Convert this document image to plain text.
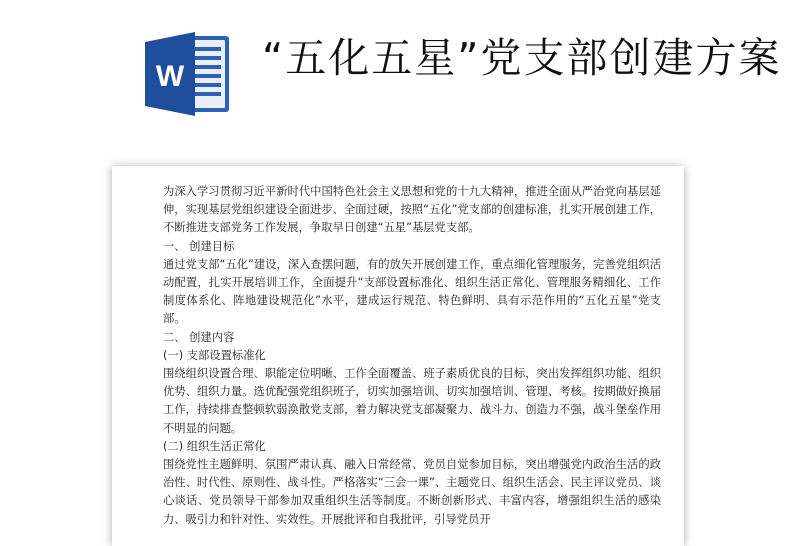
W “五化五星”党支部创建方案

为深入学习贯彻习近平新时代中国特色社会主义思想和党的十九大精神，推进全面从严治党向基层延伸，实现基层党组织建设全面进步、全面过硬，按照“五化”党支部的创建标准，扎实开展创建工作，不断推进支部党务工作发展，争取早日创建“五星”基层党支部。

一、 创建目标

通过党支部“五化”建设，深入查摆问题，有的放矢开展创建工作，重点细化管理服务，完善党组织活动配置，扎实开展培训工作，全面提升“支部设置标准化、组织生活正常化、管理服务精细化、工作制度体系化、阵地建设规范化”水平，建成运行规范、特色鲜明、具有示范作用的“五化五星”党支部。

二、 创建内容

(一) 支部设置标准化

围绕组织设置合理、职能定位明晰、工作全面覆盖、班子素质优良的目标，突出发挥组织功能、组织优势、组织力量。选优配强党组织班子，切实加强培训、切实加强培训、管理、考核。按期做好换届工作，持续排查整顿软弱涣散党支部，着力解决党支部凝聚力、战斗力、创造力不强，战斗堡垒作用不明显的问题。

(二) 组织生活正常化

围绕党性主题鲜明、氛围严肃认真、融入日常经常、党员自觉参加目标，突出增强党内政治生活的政治性、时代性、原则性、战斗性。严格落实“三会一课”、主题党日、组织生活会、民主评议党员、谈心谈话、党员领导干部参加双重组织生活等制度。不断创新形式、丰富内容，增强组织生活的感染力、吸引力和针对性、实效性。开展批评和自我批评，引导党员开
